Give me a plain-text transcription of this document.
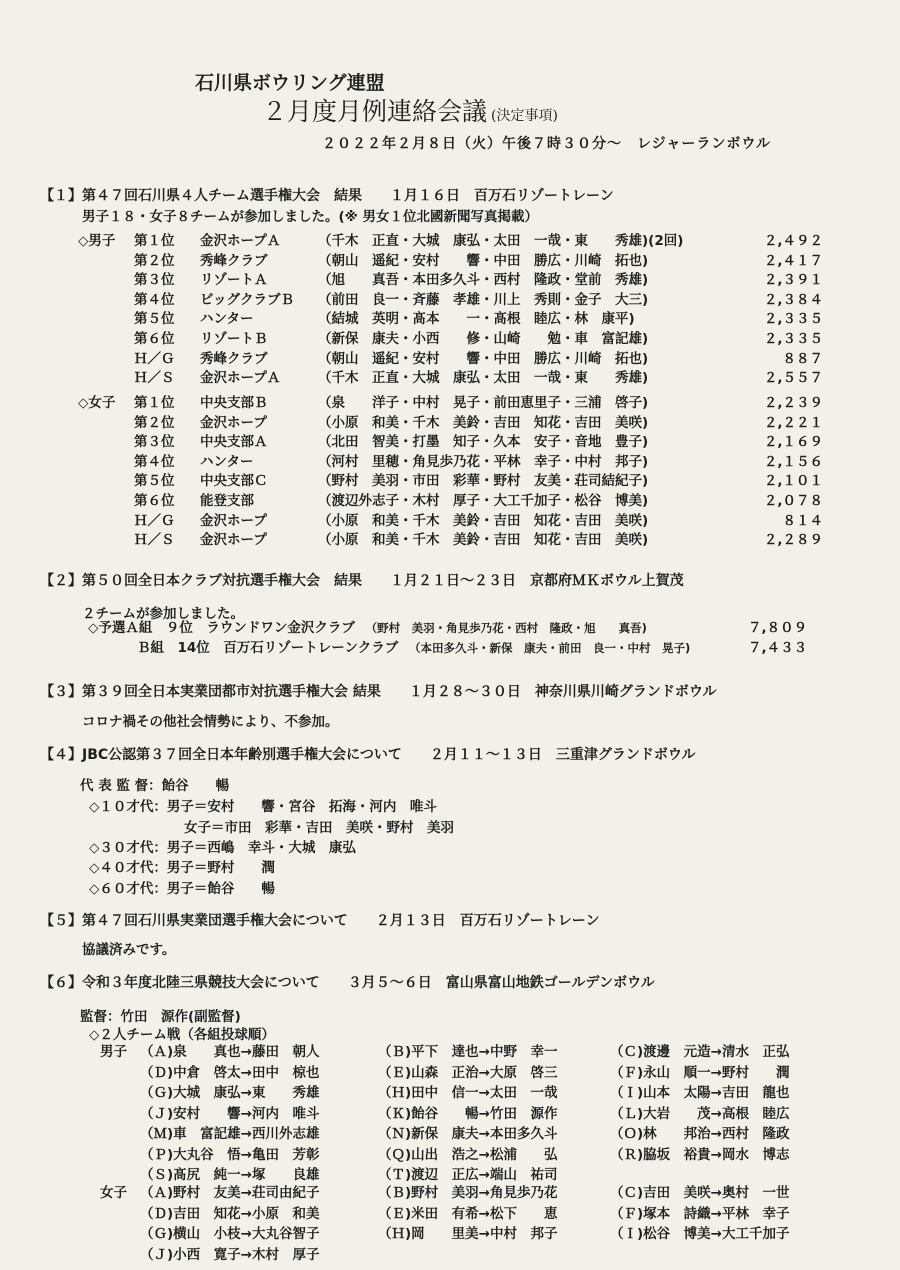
石川県ボウリング連盟
２月度月例連絡会議 (決定事項)
２０２２年２月８日（火）午後７時３０分～　レジャーランボウル
【１】第４７回石川県４人チーム選手権大会　結果　　１月１６日　百万石リゾートレーン
男子１８・女子８チームが参加しました。(※ 男女１位北國新聞写真掲載）
◇男子	第１位 金沢ホープＡ	（千木　正直・大城　康弘・太田　一哉・東　　秀雄)(2回)	２,４９２
第２位 秀峰クラブ	（朝山　遥紀・安村　　響・中田　勝広・川崎　拓也)	２,４１７
第３位 リゾートＡ	（旭　　真吾・本田多久斗・西村　隆政・堂前　秀雄)	２,３９１
第４位 ビッグクラブＢ （前田　良一・斉藤　孝雄・川上　秀則・金子　大三)	２,３８４
第５位 ハンター	（結城　英明・髙本　　一・髙根　睦広・林　康平)	２,３３５
第６位 リゾートＢ	（新保　康夫・小西　　修・山崎　　勉・車　富記雄)	２,３３５
Ｈ／Ｇ 秀峰クラブ	（朝山　遥紀・安村　　響・中田　勝広・川崎　拓也)	８８７
Ｈ／Ｓ 金沢ホープＡ	（千木　正直・大城　康弘・太田　一哉・東　　秀雄)	２,５５７
◇女子	第１位 中央支部Ｂ	（泉　　洋子・中村　晃子・前田恵里子・三浦　啓子)	２,２３９
第２位 金沢ホープ	（小原　和美・千木　美鈴・吉田　知花・吉田　美咲)	２,２２１
第３位 中央支部Ａ	（北田　智美・打墨　知子・久本　安子・音地　豊子)	２,１６９
第４位 ハンター	（河村　里穂・角見歩乃花・平林　幸子・中村　邦子)	２,１５６
第５位 中央支部Ｃ	（野村　美羽・市田　彩華・野村　友美・荘司結紀子)	２,１０１
第６位 能登支部	（渡辺外志子・木村　厚子・大工千加子・松谷　博美)	２,０７８
Ｈ／Ｇ 金沢ホープ	（小原　和美・千木　美鈴・吉田　知花・吉田　美咲)	８１４
Ｈ／Ｓ 金沢ホープ	（小原　和美・千木　美鈴・吉田　知花・吉田　美咲)	２,２８９
【２】第５０回全日本クラブ対抗選手権大会　結果　　１月２１日～２３日　京都府ＭＫボウル上賀茂
２チームが参加しました。
◇予選Ａ組　９位　ラウンドワン金沢クラブ （野村　美羽・角見歩乃花・西村　隆政・旭　　真吾)	７,８０９
Ｂ組　14位　百万石リゾートレーンクラブ （本田多久斗・新保　康夫・前田　良一・中村　晃子)	７,４３３
【３】第３９回全日本実業団都市対抗選手権大会 結果　　１月２８～３０日　神奈川県川崎グランドボウル
コロナ禍その他社会情勢により、不参加。
【４】JBC公認第３７回全日本年齢別選手権大会について　　２月１１～１３日　三重津グランドボウル
代 表 監 督：飴谷　　暢
◇１０才代：男子＝安村　　響・宮谷　拓海・河内　唯斗
女子＝市田　彩華・吉田　美咲・野村　美羽
◇３０才代：男子＝西嶋　幸斗・大城　康弘
◇４０才代：男子＝野村　　潤
◇６０才代：男子＝飴谷　　暢
【５】第４７回石川県実業団選手権大会について　　２月１３日　百万石リゾートレーン
協議済みです。
【６】令和３年度北陸三県競技大会について　　３月５～６日　富山県富山地鉄ゴールデンボウル
監督：竹田　源作(副監督)
◇２人チーム戦（各組投球順）
男子 （Ａ)泉　　真也→藤田　朝人	（Ｂ)平下　達也→中野　幸一	（Ｃ)渡邊　元造→清水　正弘
（Ｄ)中倉　啓太→田中　椋也	（Ｅ)山森　正治→大原　啓三	（Ｆ)永山　順一→野村　　潤
（Ｇ)大城　康弘→東　　秀雄	（Ｈ)田中　信一→太田　一哉	（Ｉ)山本　太陽→吉田　龍也
（Ｊ)安村　　響→河内　唯斗	（Ｋ)飴谷　　暢→竹田　源作	（Ｌ)大岩　　茂→高根　睦広
（Ｍ)車　富記雄→西川外志雄	（Ｎ)新保　康夫→本田多久斗	（Ｏ)林　　邦治→西村　隆政
（Ｐ)大丸谷　悟→亀田　芳彰	（Ｑ)山出　浩之→松浦　　弘	（Ｒ)脇坂　裕貴→岡水　博志
（Ｓ)髙尻　純一→塚　　良雄	（Ｔ)渡辺　正広→端山　祐司
女子 （Ａ)野村　友美→荘司由紀子	（Ｂ)野村　美羽→角見歩乃花	（Ｃ)吉田　美咲→奥村　一世
（Ｄ)吉田　知花→小原　和美	（Ｅ)米田　有希→松下　　恵	（Ｆ)塚本　詩織→平林　幸子
（Ｇ)横山　小枝→大丸谷智子	（Ｈ)岡　　里美→中村　邦子	（Ｉ)松谷　博美→大工千加子
（Ｊ)小西　寛子→木村　厚子
